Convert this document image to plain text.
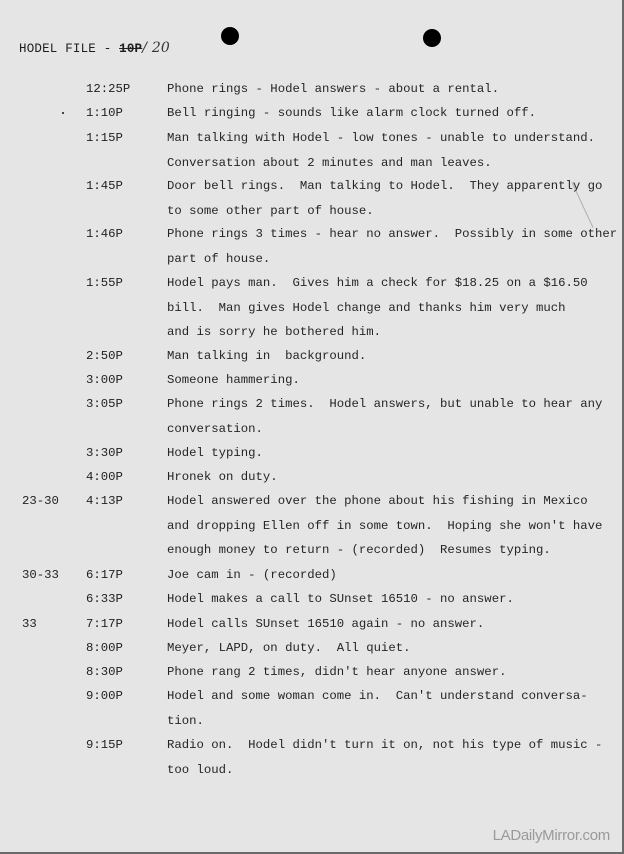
HODEL FILE - 10P/ 20
12:25P	Phone rings - Hodel answers - about a rental.
1:10P	Bell ringing - sounds like alarm clock turned off.
1:15P	Man talking with Hodel - low tones - unable to understand.
Conversation about 2 minutes and man leaves.
1:45P	Door bell rings.  Man talking to Hodel.  They apparently go
to some other part of house.
1:46P	Phone rings 3 times - hear no answer.  Possibly in some other
part of house.
1:55P	Hodel pays man.  Gives him a check for $18.25 on a $16.50
bill.  Man gives Hodel change and thanks him very much
and is sorry he bothered him.
2:50P	Man talking in  background.
3:00P	Someone hammering.
3:05P	Phone rings 2 times.  Hodel answers, but unable to hear any
conversation.
3:30P	Hodel typing.
4:00P	Hronek on duty.
23-30	4:13P	Hodel answered over the phone about his fishing in Mexico
and dropping Ellen off in some town.  Hoping she won't have
enough money to return - (recorded)  Resumes typing.
30-33	6:17P	Joe cam in - (recorded)
6:33P	Hodel makes a call to SUnset 16510 - no answer.
33	7:17P	Hodel calls SUnset 16510 again - no answer.
8:00P	Meyer, LAPD, on duty.  All quiet.
8:30P	Phone rang 2 times, didn't hear anyone answer.
9:00P	Hodel and some woman come in.  Can't understand conversa-
tion.
9:15P	Radio on.  Hodel didn't turn it on, not his type of music -
too loud.
LADailyMirror.com
